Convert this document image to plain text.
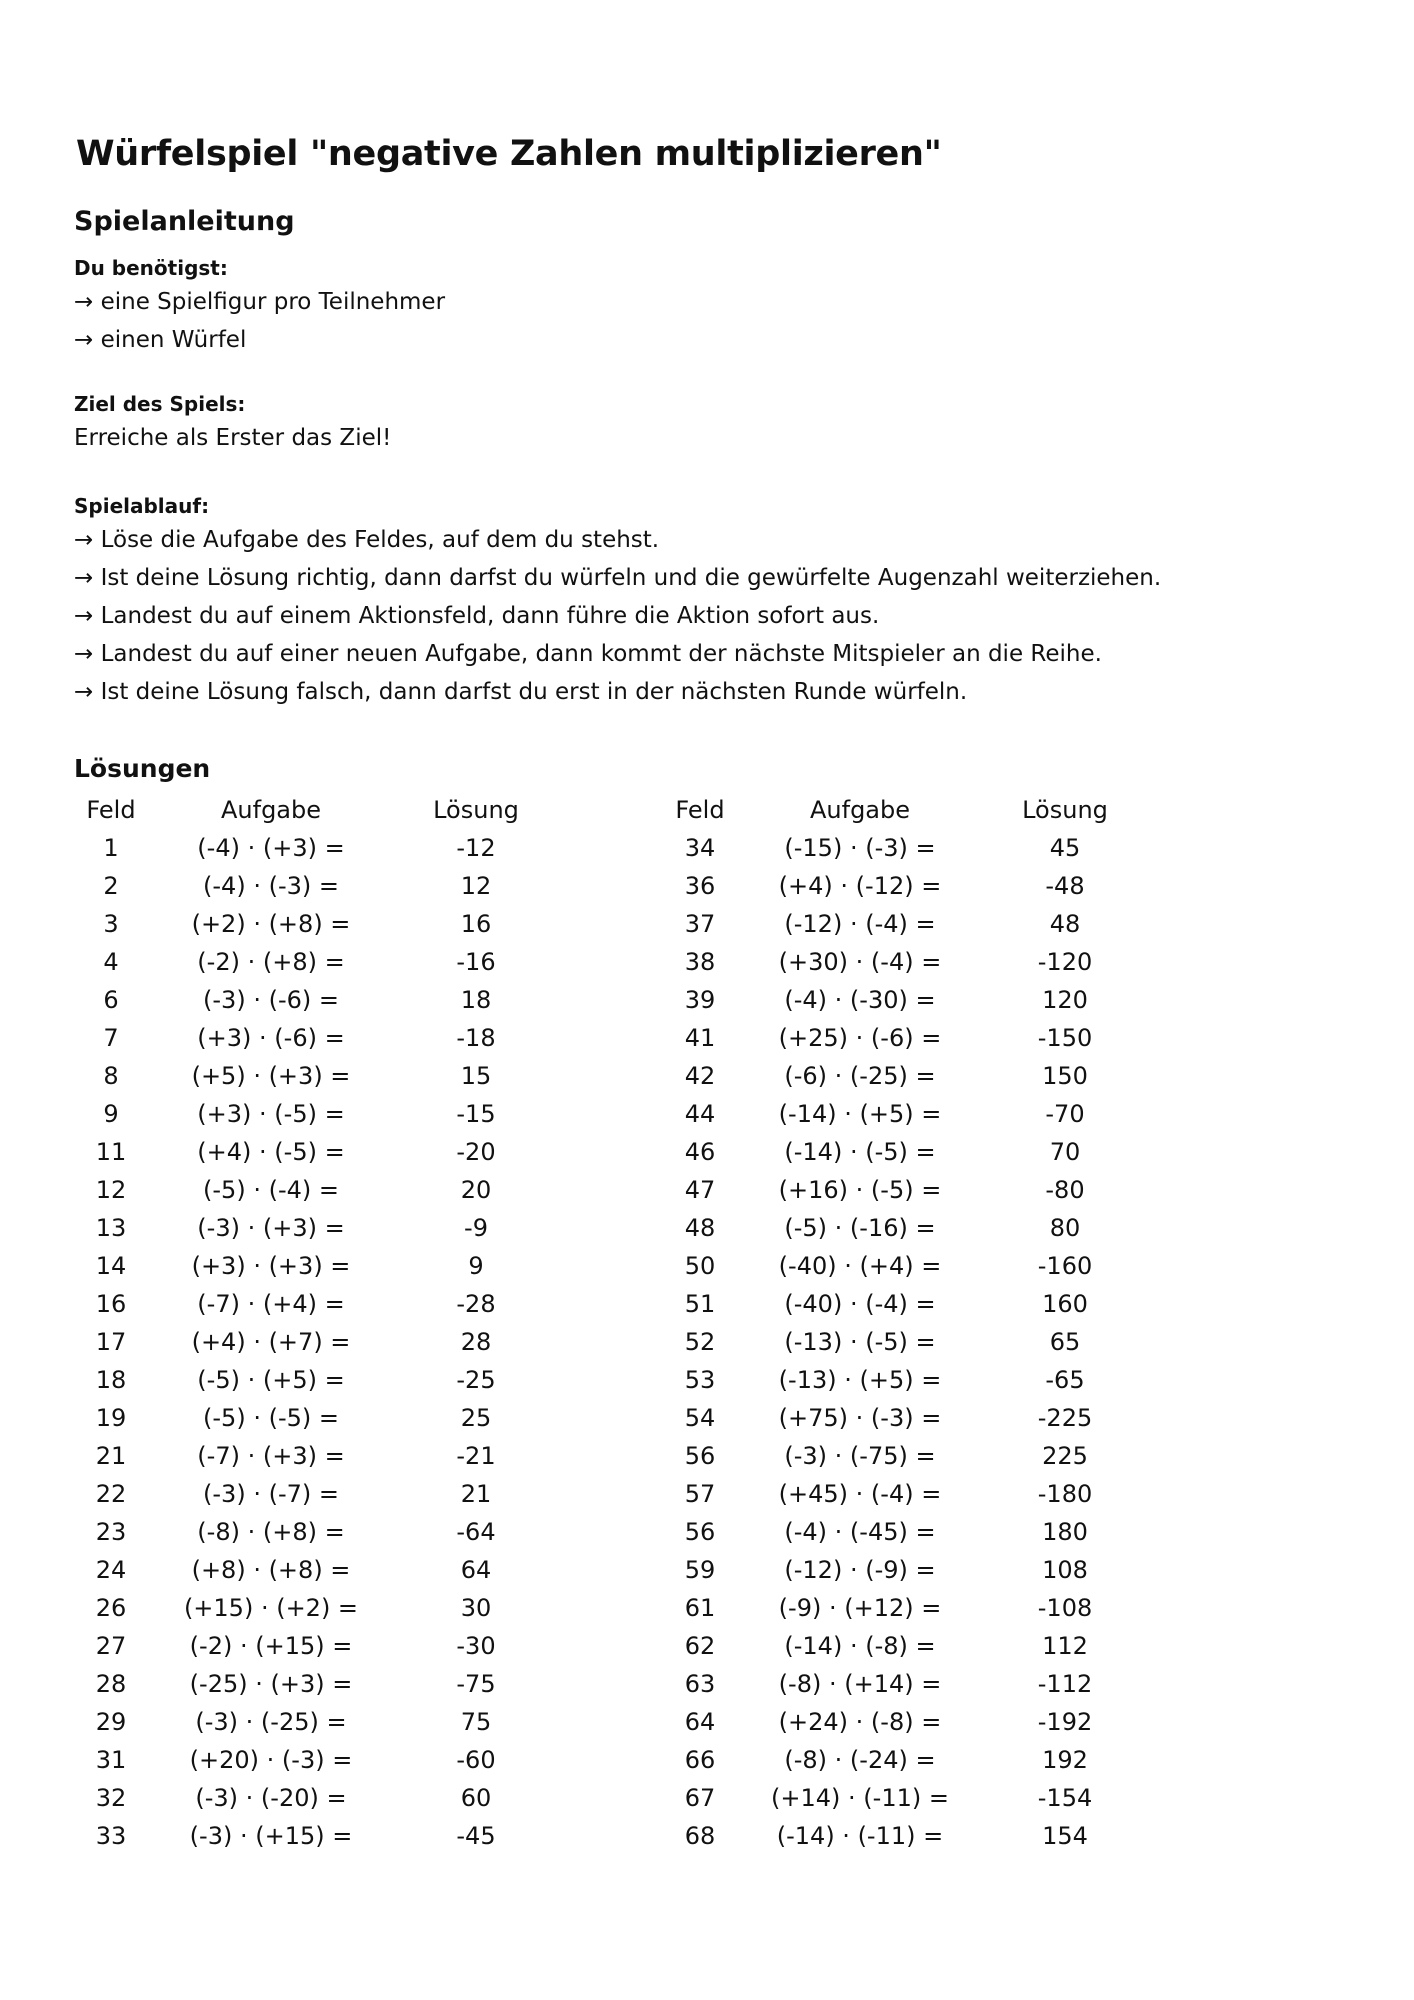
Würfelspiel "negative Zahlen multiplizieren"
Spielanleitung

Du benötigst:

→ eine Spielfigur pro Teilnehmer

→ einen Würfel

Ziel des Spiels:

Erreiche als Erster das Ziel!

Spielablauf:

→ Löse die Aufgabe des Feldes, auf dem du stehst.

→ Ist deine Lösung richtig, dann darfst du würfeln und die gewürfelte Augenzahl weiterziehen.

→ Landest du auf einem Aktionsfeld, dann führe die Aktion sofort aus.

→ Landest du auf einer neuen Aufgabe, dann kommt der nächste Mitspieler an die Reihe.

→ Ist deine Lösung falsch, dann darfst du erst in der nächsten Runde würfeln.

Lösungen
Feld	Aufgabe	Lösung
1	(-4) · (+3) =	-12
2	(-4) · (-3) =	12
3	(+2) · (+8) =	16
4	(-2) · (+8) =	-16
6	(-3) · (-6) =	18
7	(+3) · (-6) =	-18
8	(+5) · (+3) =	15
9	(+3) · (-5) =	-15
11	(+4) · (-5) =	-20
12	(-5) · (-4) =	20
13	(-3) · (+3) =	-9
14	(+3) · (+3) =	9
16	(-7) · (+4) =	-28
17	(+4) · (+7) =	28
18	(-5) · (+5) =	-25
19	(-5) · (-5) =	25
21	(-7) · (+3) =	-21
22	(-3) · (-7) =	21
23	(-8) · (+8) =	-64
24	(+8) · (+8) =	64
26	(+15) · (+2) =	30
27	(-2) · (+15) =	-30
28	(-25) · (+3) =	-75
29	(-3) · (-25) =	75
31	(+20) · (-3) =	-60
32	(-3) · (-20) =	60
33	(-3) · (+15) =	-45
Feld	Aufgabe	Lösung
34	(-15) · (-3) =	45
36	(+4) · (-12) =	-48
37	(-12) · (-4) =	48
38	(+30) · (-4) =	-120
39	(-4) · (-30) =	120
41	(+25) · (-6) =	-150
42	(-6) · (-25) =	150
44	(-14) · (+5) =	-70
46	(-14) · (-5) =	70
47	(+16) · (-5) =	-80
48	(-5) · (-16) =	80
50	(-40) · (+4) =	-160
51	(-40) · (-4) =	160
52	(-13) · (-5) =	65
53	(-13) · (+5) =	-65
54	(+75) · (-3) =	-225
56	(-3) · (-75) =	225
57	(+45) · (-4) =	-180
56	(-4) · (-45) =	180
59	(-12) · (-9) =	108
61	(-9) · (+12) =	-108
62	(-14) · (-8) =	112
63	(-8) · (+14) =	-112
64	(+24) · (-8) =	-192
66	(-8) · (-24) =	192
67	(+14) · (-11) =	-154
68	(-14) · (-11) =	154
